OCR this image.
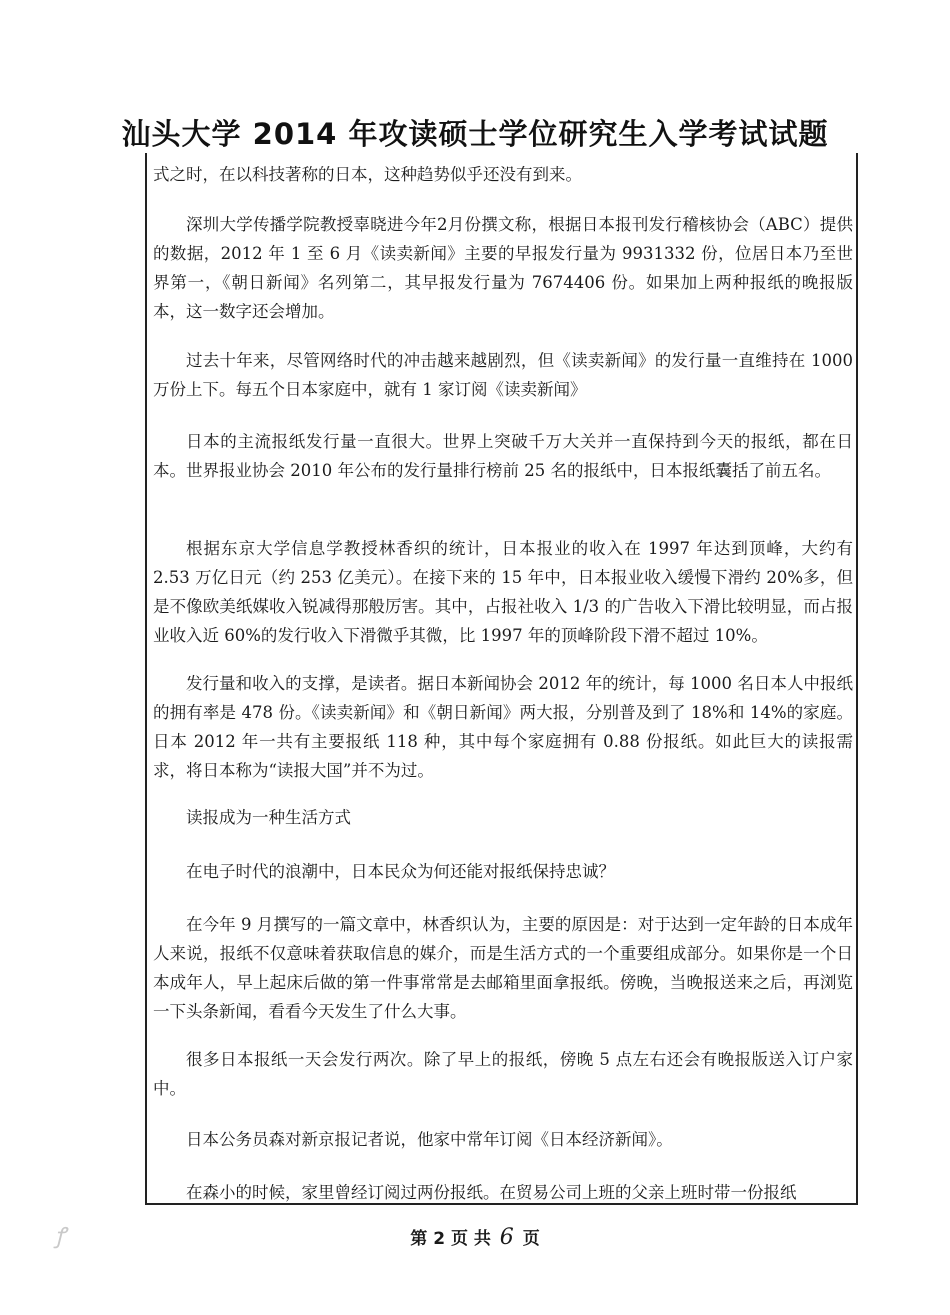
汕头大学 2014 年攻读硕士学位研究生入学考试试题

式之时，在以科技著称的日本，这种趋势似乎还没有到来。

深圳大学传播学院教授辜晓进今年2月份撰文称，根据日本报刊发行稽核协会（ABC）提供的数据，2012 年 1 至 6 月《读卖新闻》主要的早报发行量为 9931332 份，位居日本乃至世界第一，《朝日新闻》名列第二，其早报发行量为 7674406 份。如果加上两种报纸的晚报版本，这一数字还会增加。

过去十年来，尽管网络时代的冲击越来越剧烈，但《读卖新闻》的发行量一直维持在 1000 万份上下。每五个日本家庭中，就有 1 家订阅《读卖新闻》

日本的主流报纸发行量一直很大。世界上突破千万大关并一直保持到今天的报纸，都在日本。世界报业协会 2010 年公布的发行量排行榜前 25 名的报纸中，日本报纸囊括了前五名。

根据东京大学信息学教授林香织的统计，日本报业的收入在 1997 年达到顶峰，大约有 2.53 万亿日元（约 253 亿美元）。在接下来的 15 年中，日本报业收入缓慢下滑约 20%多，但是不像欧美纸媒收入锐减得那般厉害。其中，占报社收入 1/3 的广告收入下滑比较明显，而占报业收入近 60%的发行收入下滑微乎其微，比 1997 年的顶峰阶段下滑不超过 10%。

发行量和收入的支撑，是读者。据日本新闻协会 2012 年的统计，每 1000 名日本人中报纸的拥有率是 478 份。《读卖新闻》和《朝日新闻》两大报，分别普及到了 18%和 14%的家庭。日本 2012 年一共有主要报纸 118 种，其中每个家庭拥有 0.88 份报纸。如此巨大的读报需求，将日本称为“读报大国”并不为过。

读报成为一种生活方式

在电子时代的浪潮中，日本民众为何还能对报纸保持忠诚？

在今年 9 月撰写的一篇文章中，林香织认为，主要的原因是：对于达到一定年龄的日本成年人来说，报纸不仅意味着获取信息的媒介，而是生活方式的一个重要组成部分。如果你是一个日本成年人，早上起床后做的第一件事常常是去邮箱里面拿报纸。傍晚，当晚报送来之后，再浏览一下头条新闻，看看今天发生了什么大事。

很多日本报纸一天会发行两次。除了早上的报纸，傍晚 5 点左右还会有晚报版送入订户家中。

日本公务员森对新京报记者说，他家中常年订阅《日本经济新闻》。

在森小的时候，家里曾经订阅过两份报纸。在贸易公司上班的父亲上班时带一份报纸

第 2 页 共 6 页
ꝭ
